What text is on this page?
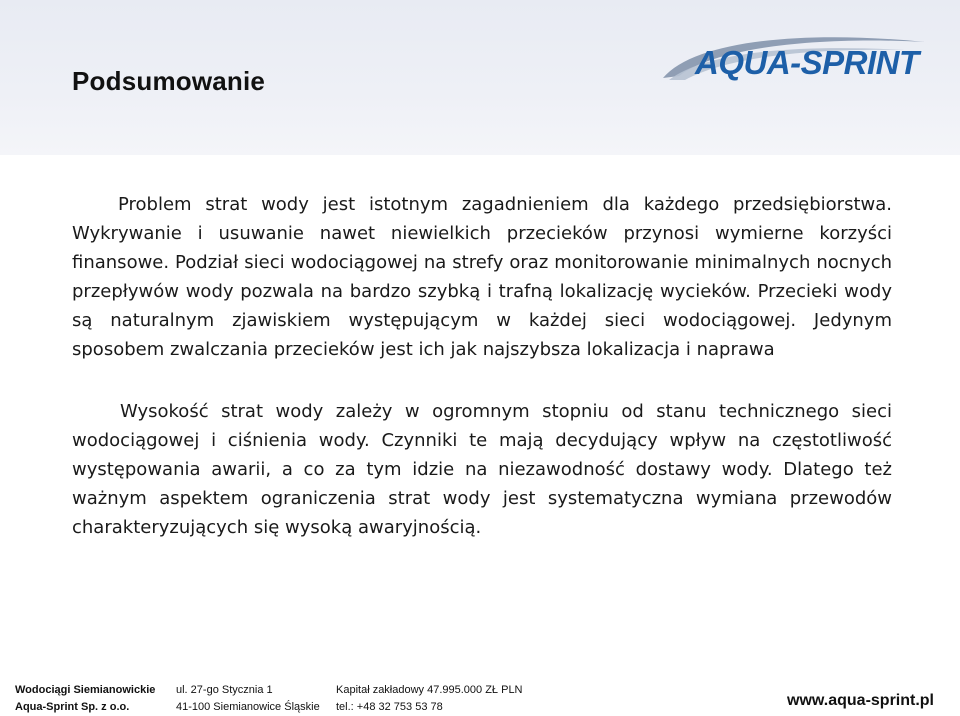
Podsumowanie	AQUA-SPRINT

Problem strat wody jest istotnym zagadnieniem dla każdego przedsiębiorstwa. Wykrywanie i usuwanie nawet niewielkich przecieków przynosi wymierne korzyści finansowe. Podział sieci wodociągowej na strefy oraz monitorowanie minimalnych nocnych przepływów wody pozwala na bardzo szybką i trafną lokalizację wycieków. Przecieki wody są naturalnym zjawiskiem występującym w każdej sieci wodociągowej. Jedynym sposobem zwalczania przecieków jest ich jak najszybsza lokalizacja i naprawa

Wysokość strat wody zależy w ogromnym stopniu od stanu technicznego sieci wodociągowej i ciśnienia wody. Czynniki te mają decydujący wpływ na częstotliwość występowania awarii, a co za tym idzie na niezawodność dostawy wody. Dlatego też ważnym aspektem ograniczenia strat wody jest systematyczna wymiana przewodów charakteryzujących się wysoką awaryjnością.

Wodociągi Siemianowickie
Aqua-Sprint Sp. z o.o.
ul. 27-go Stycznia 1
41-100 Siemianowice Śląskie
Kapitał zakładowy 47.995.000 ZŁ PLN
tel.: +48 32 753 53 78	www.aqua-sprint.pl
